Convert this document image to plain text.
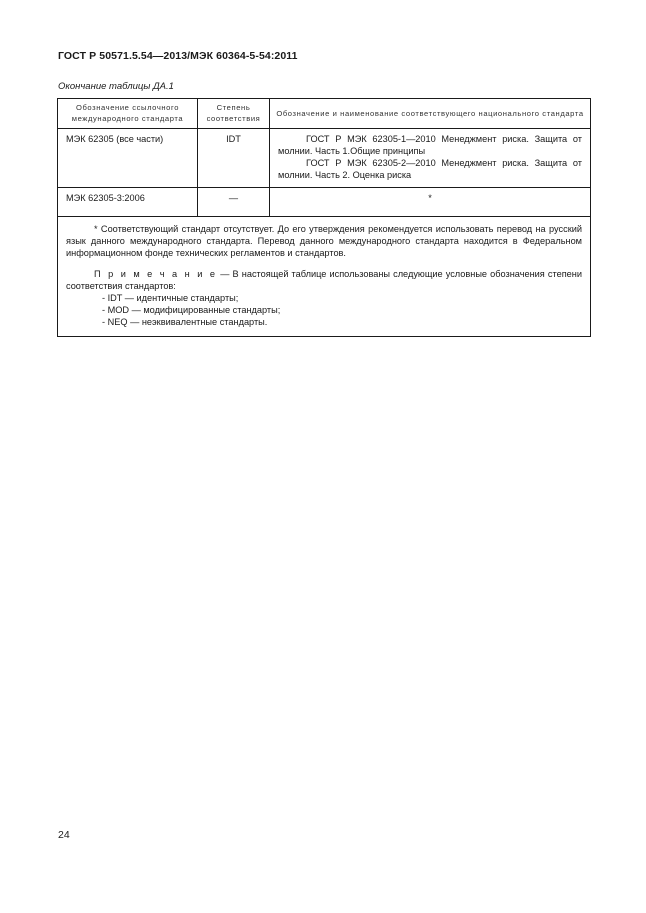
ГОСТ Р 50571.5.54—2013/МЭК 60364-5-54:2011
Окончание таблицы ДА.1
Обозначение ссылочного международного стандарта	Степень соответствия	Обозначение и наименование соответствующего национального стандарта
МЭК 62305 (все части)	IDT	ГОСТ Р МЭК 62305-1—2010 Менеджмент риска. Защита от молнии. Часть 1.Общие принципы

ГОСТ Р МЭК 62305-2—2010 Менеджмент риска. Защита от молнии. Часть 2. Оценка риска

МЭК 62305-3:2006	—	*

* Соответствующий стандарт отсутствует. До его утверждения рекомендуется использовать перевод на русский язык данного международного стандарта. Перевод данного международного стандарта находится в Федеральном информационном фонде технических регламентов и стандартов.

П р и м е ч а н и е — В настоящей таблице использованы следующие условные обозначения степени соответствия стандартов:

- IDT — идентичные стандарты;

- MOD — модифицированные стандарты;

- NEQ — неэквивалентные стандарты.		

24
